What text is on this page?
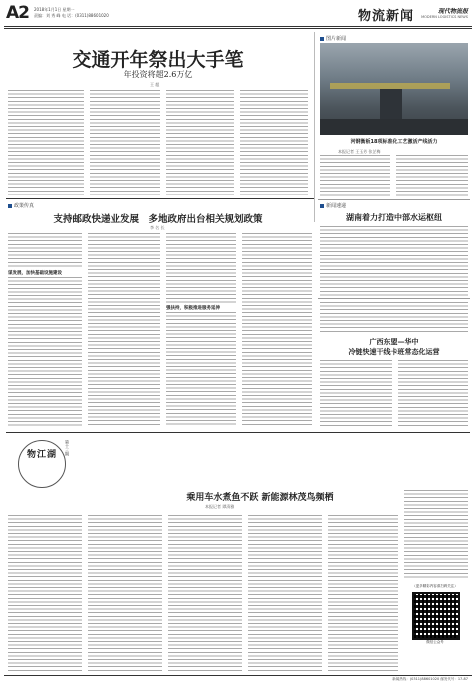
A2 2018年1月1日 星期一
责编：刘 秀 峰 电 话：(0311)88601020	物流新闻	现代物流报
MODERN LOGISTICS NEWS
交通开年祭出大手笔
年投资将超2.6万亿
王 超
图片新闻
河钢衡板18项标准化工艺激活产线活力
本报记者 王玉芳 张芷梅
新闻速递
湖南着力打造中部水运枢纽
政策传真
支持邮政快递业发展　多地政府出台相关规划政策
李 名 长
谋发展，加快基础设施建设
强扶持，积极推进服务延伸
广西东盟—华中
冷链快速干线卡班常态化运营
物江湖	第十三期
乘用车水煮鱼不跃 新能源林茂鸟频栖
本报记者 谭清雅
（更多精彩内容请扫码关注）
微信公众号
新闻热线：(0311)88601020 邮发代号：17-87
